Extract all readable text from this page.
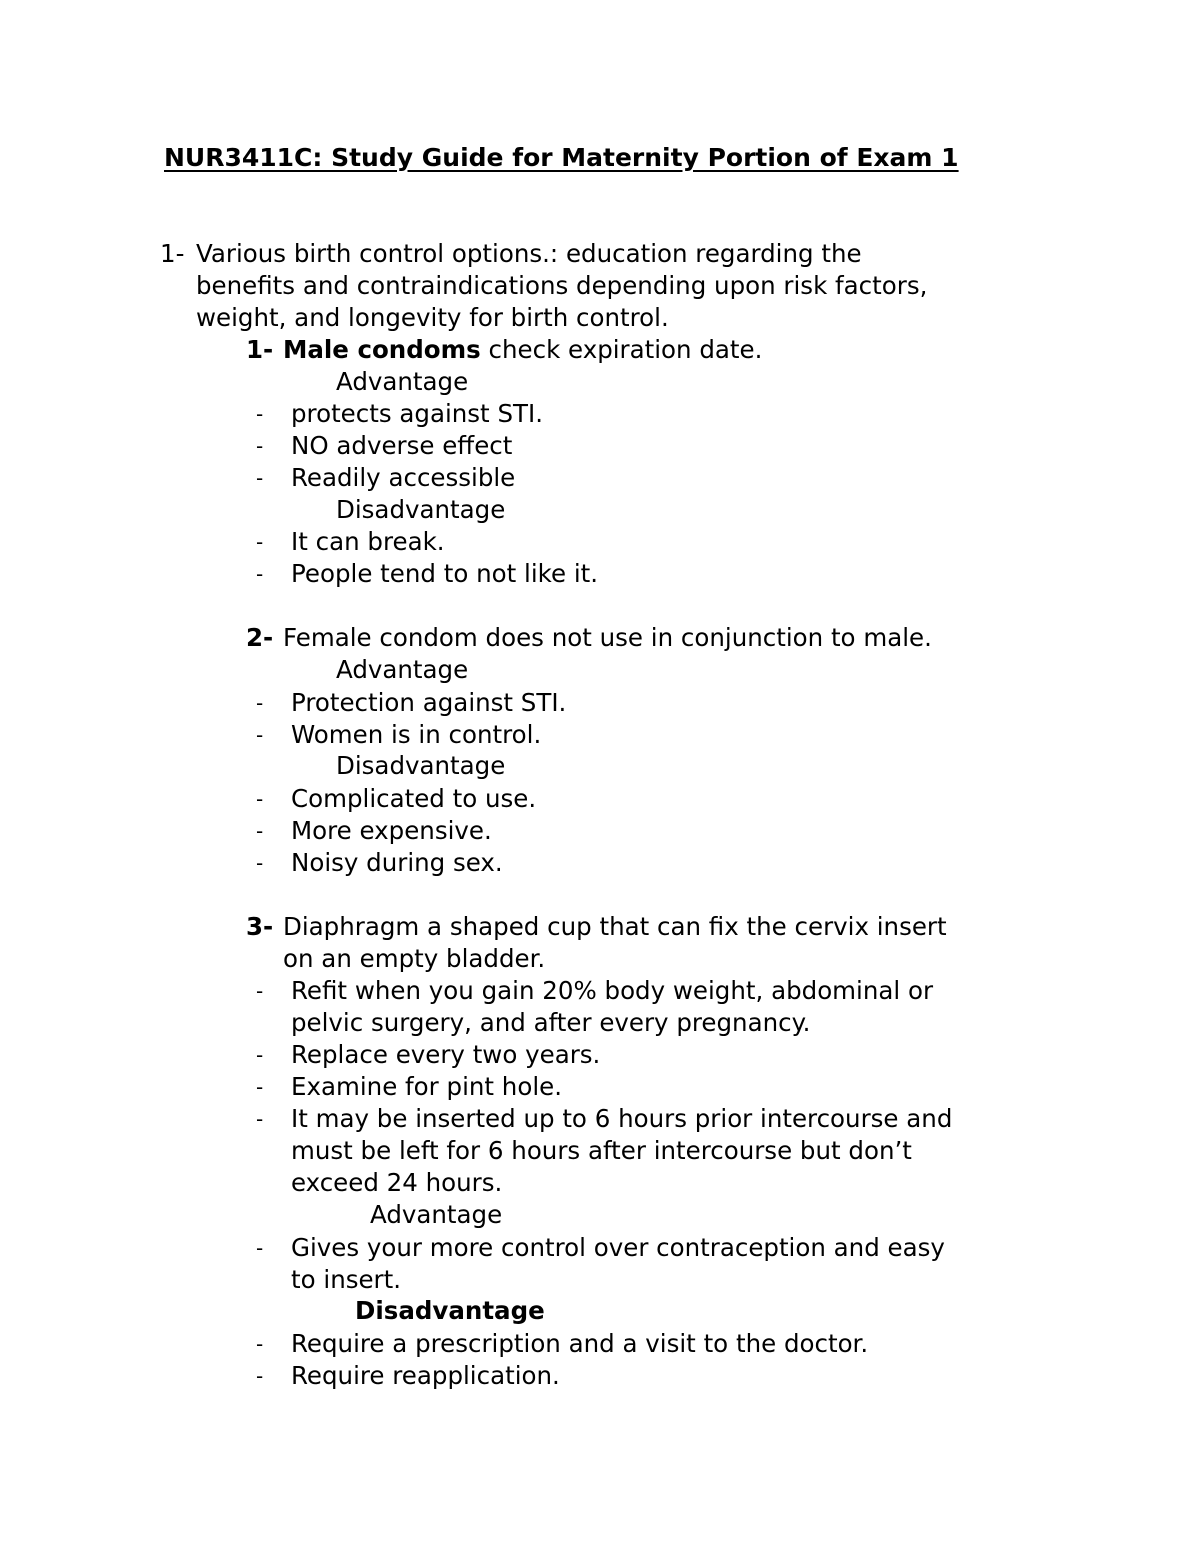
NUR3411C: Study Guide for Maternity Portion of Exam 1
1- Various birth control options.: education regarding the
benefits and contraindications depending upon risk factors,
weight, and longevity for birth control.
1- Male condoms check expiration date.
Advantage
- protects against STI.
- NO adverse effect
- Readily accessible
Disadvantage
- It can break.
- People tend to not like it.
2- Female condom does not use in conjunction to male.
Advantage
- Protection against STI.
- Women is in control.
Disadvantage
- Complicated to use.
- More expensive.
- Noisy during sex.
3- Diaphragm a shaped cup that can fix the cervix insert
on an empty bladder.
- Refit when you gain 20% body weight, abdominal or
pelvic surgery, and after every pregnancy.
- Replace every two years.
- Examine for pint hole.
- It may be inserted up to 6 hours prior intercourse and
must be left for 6 hours after intercourse but don’t
exceed 24 hours.
Advantage
- Gives your more control over contraception and easy
to insert.
Disadvantage
- Require a prescription and a visit to the doctor.
- Require reapplication.
